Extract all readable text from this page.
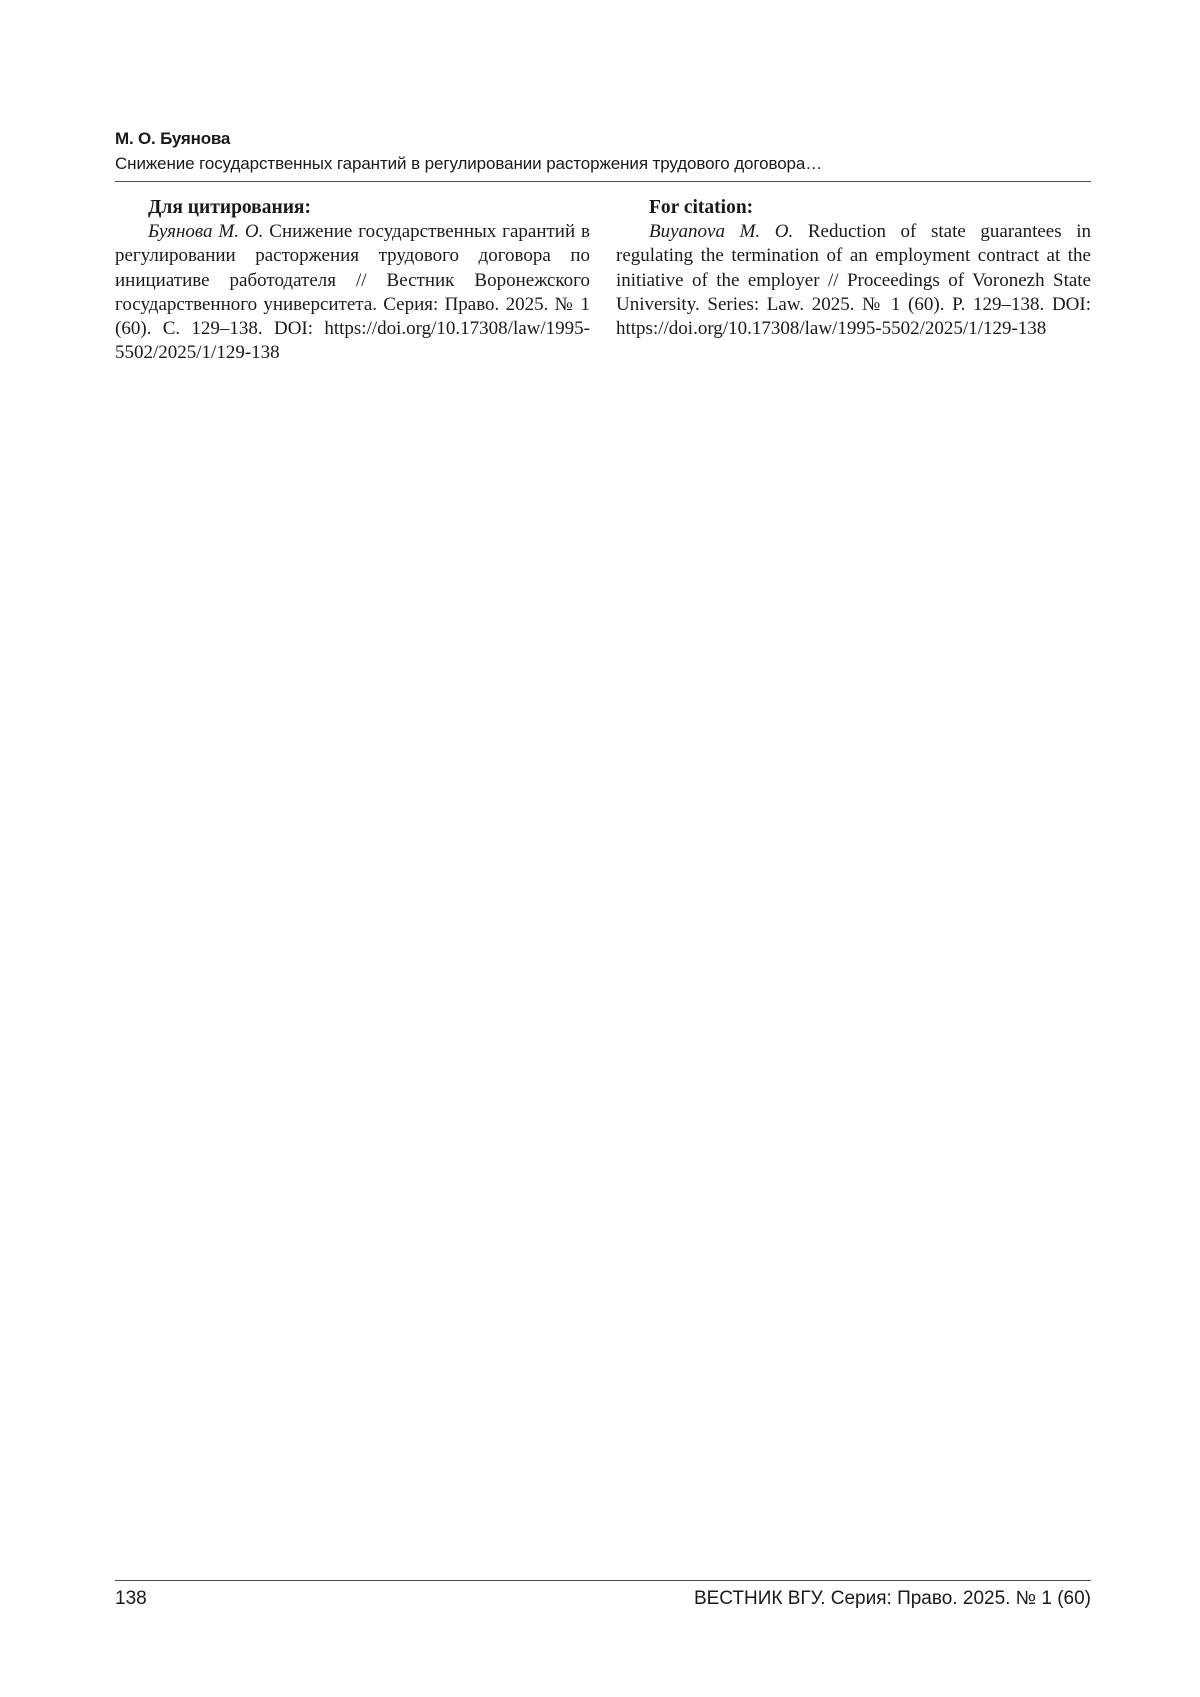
М. О. Буянова
Снижение государственных гарантий в регулировании расторжения трудового договора…

Для цитирования:

Буянова М. О. Снижение государственных гарантий в регулировании расторжения трудового договора по инициативе работодателя // Вестник Воронежского государственного университета. Серия: Право. 2025. № 1 (60). С. 129–138. DOI: https://doi.org/10.17308/law/1995-5502/2025/1/129-138

For citation:

Buyanova M. O. Reduction of state guarantees in regulating the termination of an employment contract at the initiative of the employer // Proceedings of Voronezh State University. Series: Law. 2025. № 1 (60). P. 129–138. DOI: https://doi.org/10.17308/law/1995-5502/2025/1/129-138

138	ВЕСТНИК ВГУ. Серия: Право. 2025. № 1 (60)
